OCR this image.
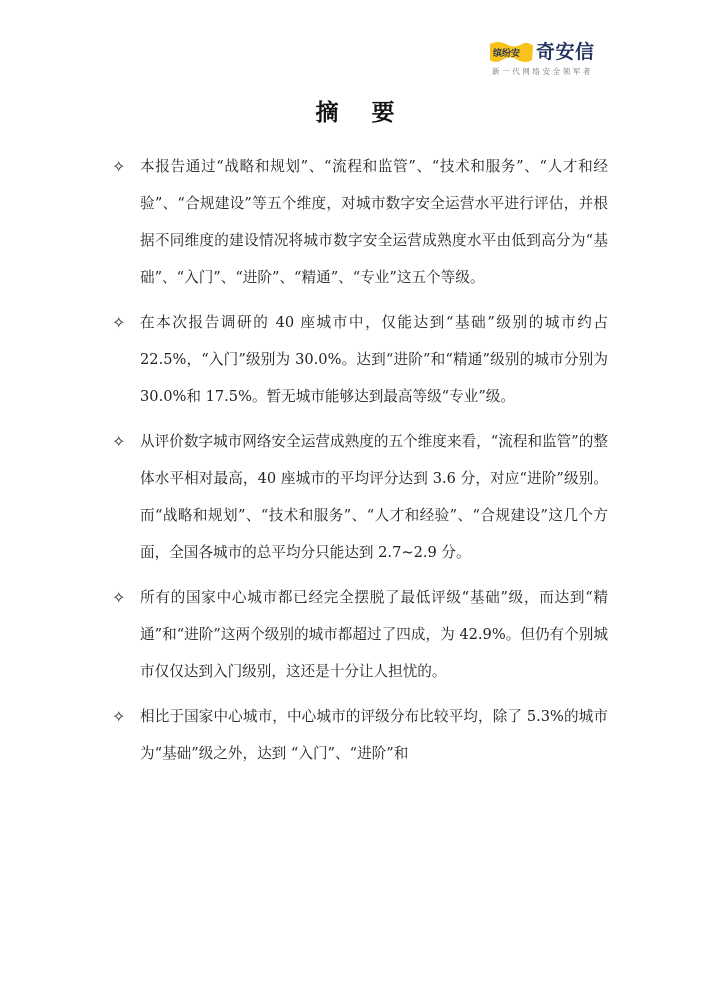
缤纷安 奇安信
新一代网络安全领军者
摘要
✧ 本报告通过“战略和规划”、“流程和监管”、“技术和服务”、“人才和经验”、“合规建设”等五个维度，对城市数字安全运营水平进行评估，并根据不同维度的建设情况将城市数字安全运营成熟度水平由低到高分为“基础”、“入门”、“进阶”、“精通”、“专业”这五个等级。
✧ 在本次报告调研的 40 座城市中，仅能达到“基础”级别的城市约占 22.5%，“入门”级别为 30.0%。达到“进阶”和“精通”级别的城市分别为 30.0%和 17.5%。暂无城市能够达到最高等级“专业”级。
✧ 从评价数字城市网络安全运营成熟度的五个维度来看，“流程和监管”的整体水平相对最高，40 座城市的平均评分达到 3.6 分，对应“进阶”级别。而“战略和规划”、“技术和服务”、“人才和经验”、“合规建设”这几个方面，全国各城市的总平均分只能达到 2.7~2.9 分。
✧ 所有的国家中心城市都已经完全摆脱了最低评级“基础”级，而达到“精通”和“进阶”这两个级别的城市都超过了四成，为 42.9%。但仍有个别城市仅仅达到入门级别，这还是十分让人担忧的。
✧ 相比于国家中心城市，中心城市的评级分布比较平均，除了 5.3%的城市为“基础”级之外，达到 “入门”、“进阶”和
